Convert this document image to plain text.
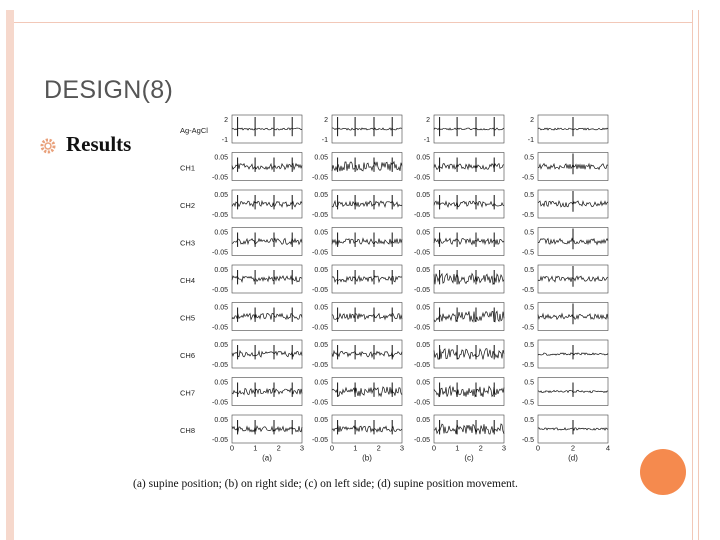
DESIGN(8)
Results
Ag-AgCl
CH1
CH2
CH3
CH4
CH5
CH6
CH7
CH8
2
-1
0.05
-0.05
0.05
-0.05
0.05
-0.05
0.05
-0.05
0.05
-0.05
0.05
-0.05
0.05
-0.05
0.05
-0.05
0	1	2	3
(a)
2
-1
0.05
-0.05
0.05
-0.05
0.05
-0.05
0.05
-0.05
0.05
-0.05
0.05
-0.05
0.05
-0.05
0.05
-0.05
0	1	2	3
(b)
2
-1
0.05
-0.05
0.05
-0.05
0.05
-0.05
0.05
-0.05
0.05
-0.05
0.05
-0.05
0.05
-0.05
0.05
-0.05
0	1	2	3
(c)
2
-1
0.5
-0.5
0.5
-0.5
0.5
-0.5
0.5
-0.5
0.5
-0.5
0.5
-0.5
0.5
-0.5
0.5
-0.5
0	2	4
(d)
(a) supine position; (b) on right side; (c) on left side; (d) supine position movement.
